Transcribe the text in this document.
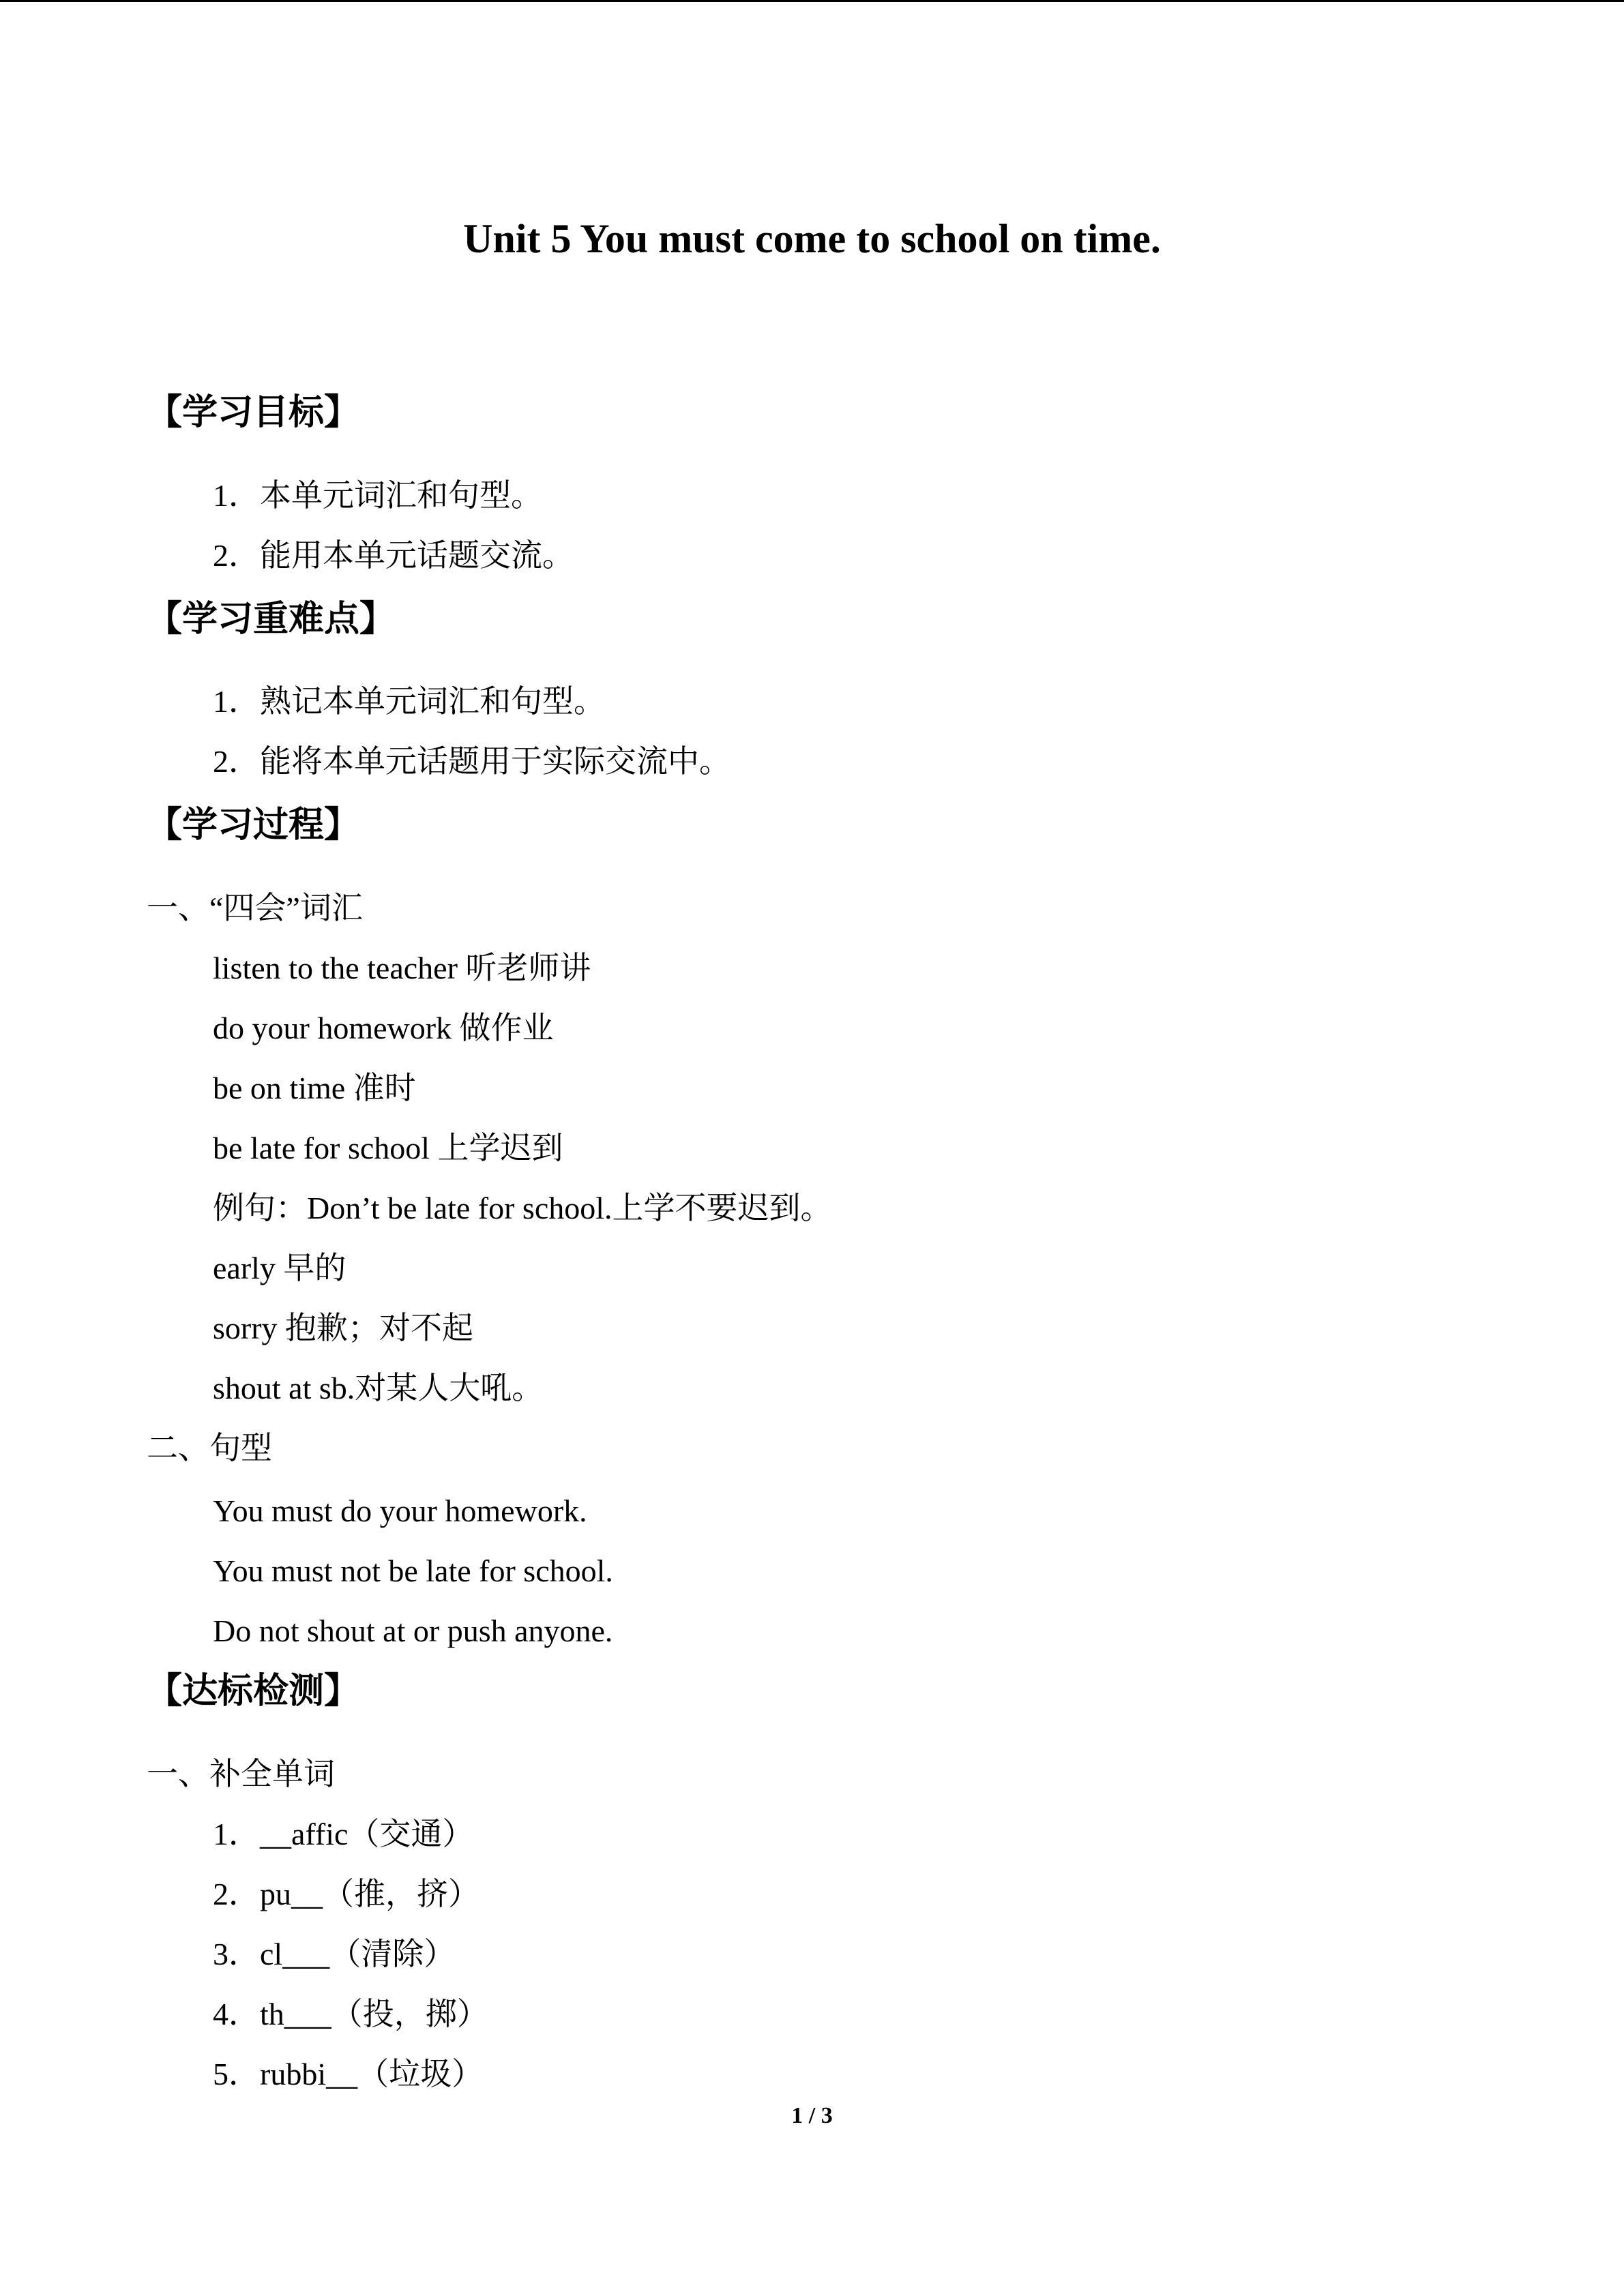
Unit 5 You must come to school on time.
【学习目标】
1．本单元词汇和句型。
2．能用本单元话题交流。
【学习重难点】
1．熟记本单元词汇和句型。
2．能将本单元话题用于实际交流中。
【学习过程】
一、“四会”词汇
listen to the teacher 听老师讲
do your homework 做作业
be on time 准时
be late for school 上学迟到
例句：Don’t be late for school.上学不要迟到。
early 早的
sorry 抱歉；对不起
shout at sb.对某人大吼。
二、句型
You must do your homework.
You must not be late for school.
Do not shout at or push anyone.
【达标检测】
一、补全单词
1．__affic（交通）
2．pu__（推，挤）
3．cl___（清除）
4．th___（投，掷）
5．rubbi__（垃圾）
1 / 3
